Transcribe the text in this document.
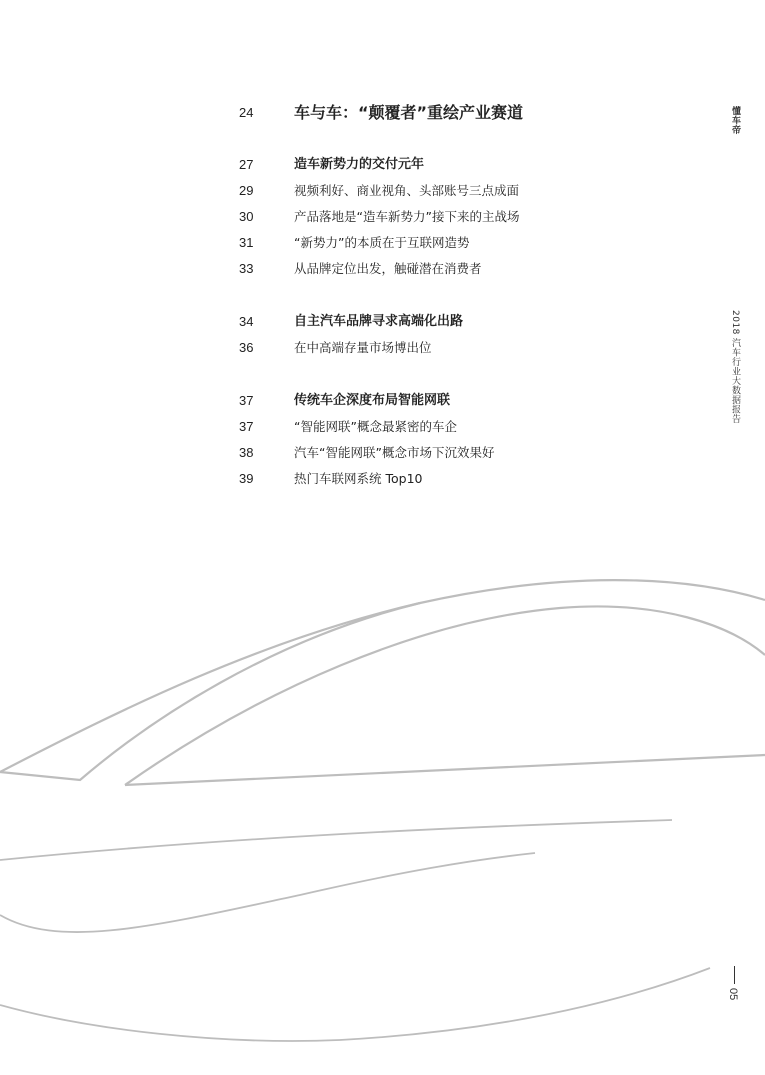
24	车与车：“颠覆者”重绘产业赛道
27	造车新势力的交付元年
29	视频利好、商业视角、头部账号三点成面
30	产品落地是“造车新势力”接下来的主战场
31	“新势力”的本质在于互联网造势
33	从品牌定位出发，触碰潜在消费者
34	自主汽车品牌寻求高端化出路
36	在中高端存量市场博出位
37	传统车企深度布局智能网联
37	“智能网联”概念最紧密的车企
38	汽车“智能网联”概念市场下沉效果好
39	热门车联网系统 Top10
懂车帝
2018 汽车行业大数据报告
05
